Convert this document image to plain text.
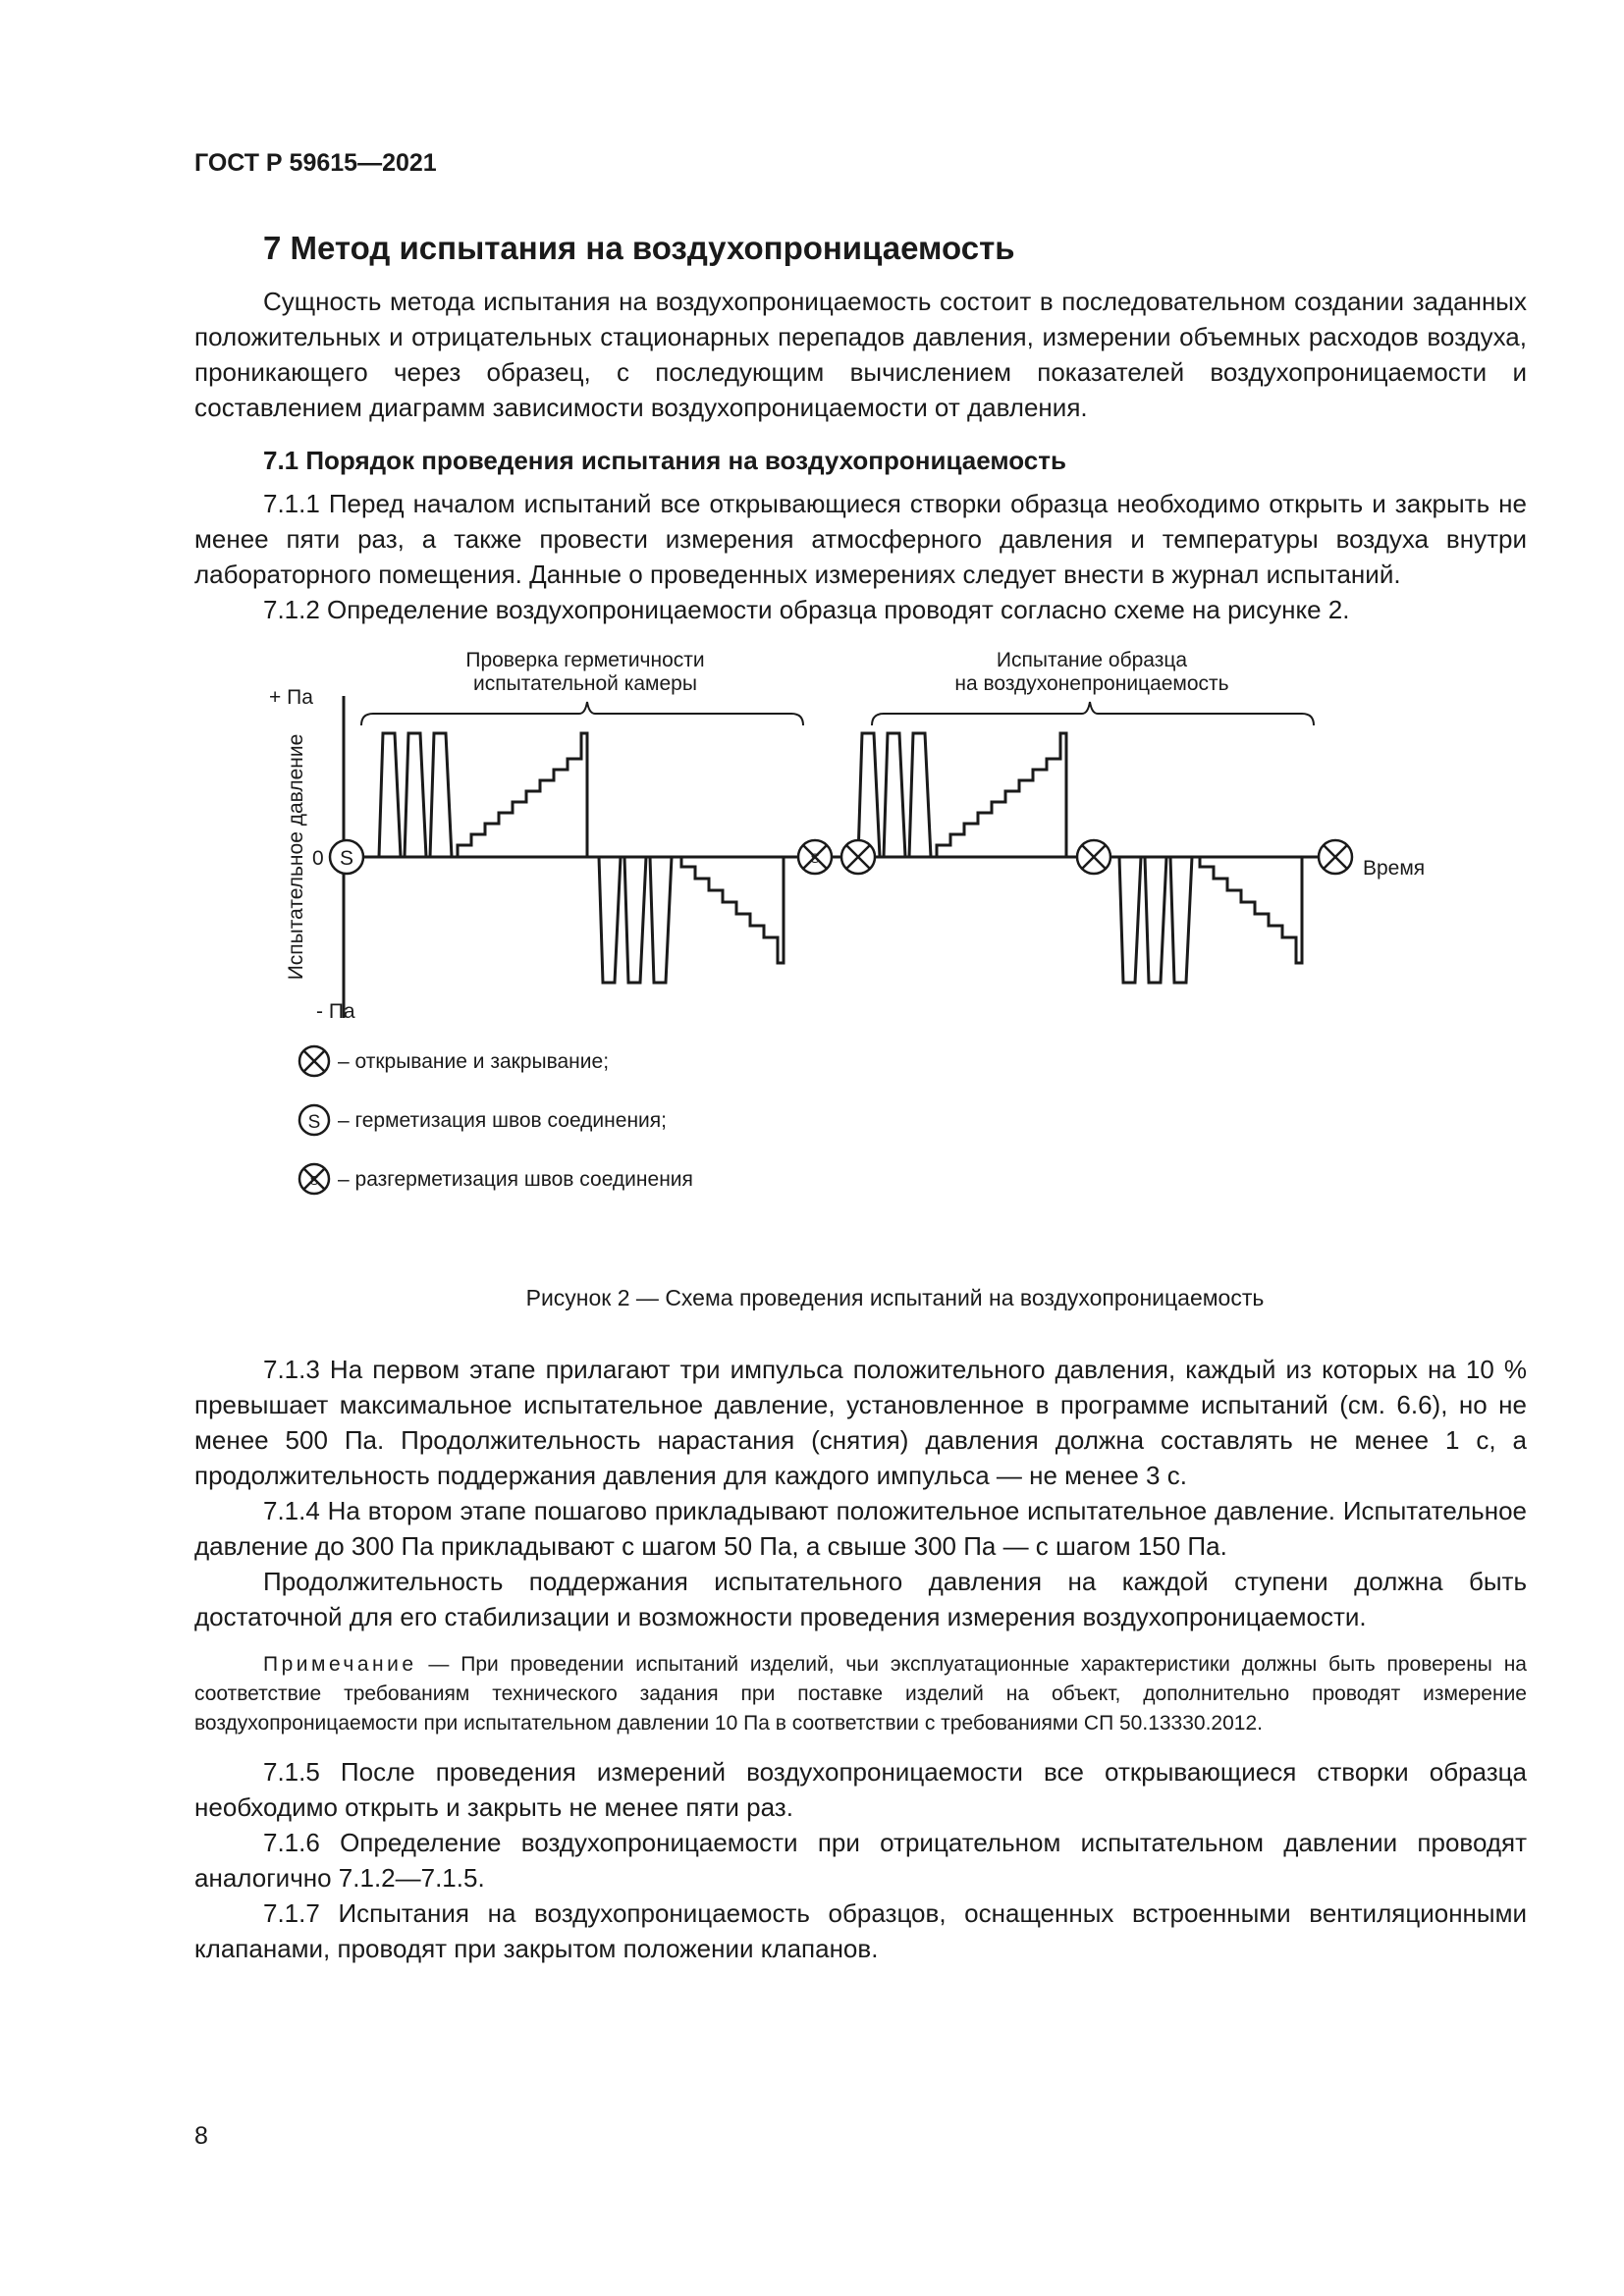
ГОСТ Р 59615—2021
7 Метод испытания на воздухопроницаемость

Сущность метода испытания на воздухопроницаемость состоит в последовательном создании заданных положительных и отрицательных стационарных перепадов давления, измерении объемных расходов воздуха, проникающего через образец, с последующим вычислением показателей воздухопроницаемости и составлением диаграмм зависимости воздухопроницаемости от давления.

7.1 Порядок проведения испытания на воздухопроницаемость

7.1.1 Перед началом испытаний все открывающиеся створки образца необходимо открыть и закрыть не менее пяти раз, а также провести измерения атмосферного давления и температуры воздуха внутри лабораторного помещения. Данные о проведенных измерениях следует внести в журнал испытаний.

7.1.2 Определение воздухопроницаемости образца проводят согласно схеме на рисунке 2.

+ Па
0
- Па
Время
Испытательное давление
Проверка герметичности
испытательной камеры
Испытание образца
на воздухонепроницаемость
S	S
– открывание и закрывание;
S – герметизация швов соединения;
S – разгерметизация швов соединения

Рисунок 2 — Схема проведения испытаний на воздухопроницаемость

7.1.3 На первом этапе прилагают три импульса положительного давления, каждый из которых на 10 % превышает максимальное испытательное давление, установленное в программе испытаний (см. 6.6), но не менее 500 Па. Продолжительность нарастания (снятия) давления должна составлять не менее 1 с, а продолжительность поддержания давления для каждого импульса — не менее 3 с.

7.1.4 На втором этапе пошагово прикладывают положительное испытательное давление. Испытательное давление до 300 Па прикладывают с шагом 50 Па, а свыше 300 Па — с шагом 150 Па.

Продолжительность поддержания испытательного давления на каждой ступени должна быть достаточной для его стабилизации и возможности проведения измерения воздухопроницаемости.

Примечание — При проведении испытаний изделий, чьи эксплуатационные характеристики должны быть проверены на соответствие требованиям технического задания при поставке изделий на объект, дополнительно проводят измерение воздухопроницаемости при испытательном давлении 10 Па в соответствии с требованиями СП 50.13330.2012.

7.1.5 После проведения измерений воздухопроницаемости все открывающиеся створки образца необходимо открыть и закрыть не менее пяти раз.

7.1.6 Определение воздухопроницаемости при отрицательном испытательном давлении проводят аналогично 7.1.2—7.1.5.

7.1.7 Испытания на воздухопроницаемость образцов, оснащенных встроенными вентиляционными клапанами, проводят при закрытом положении клапанов.

8
